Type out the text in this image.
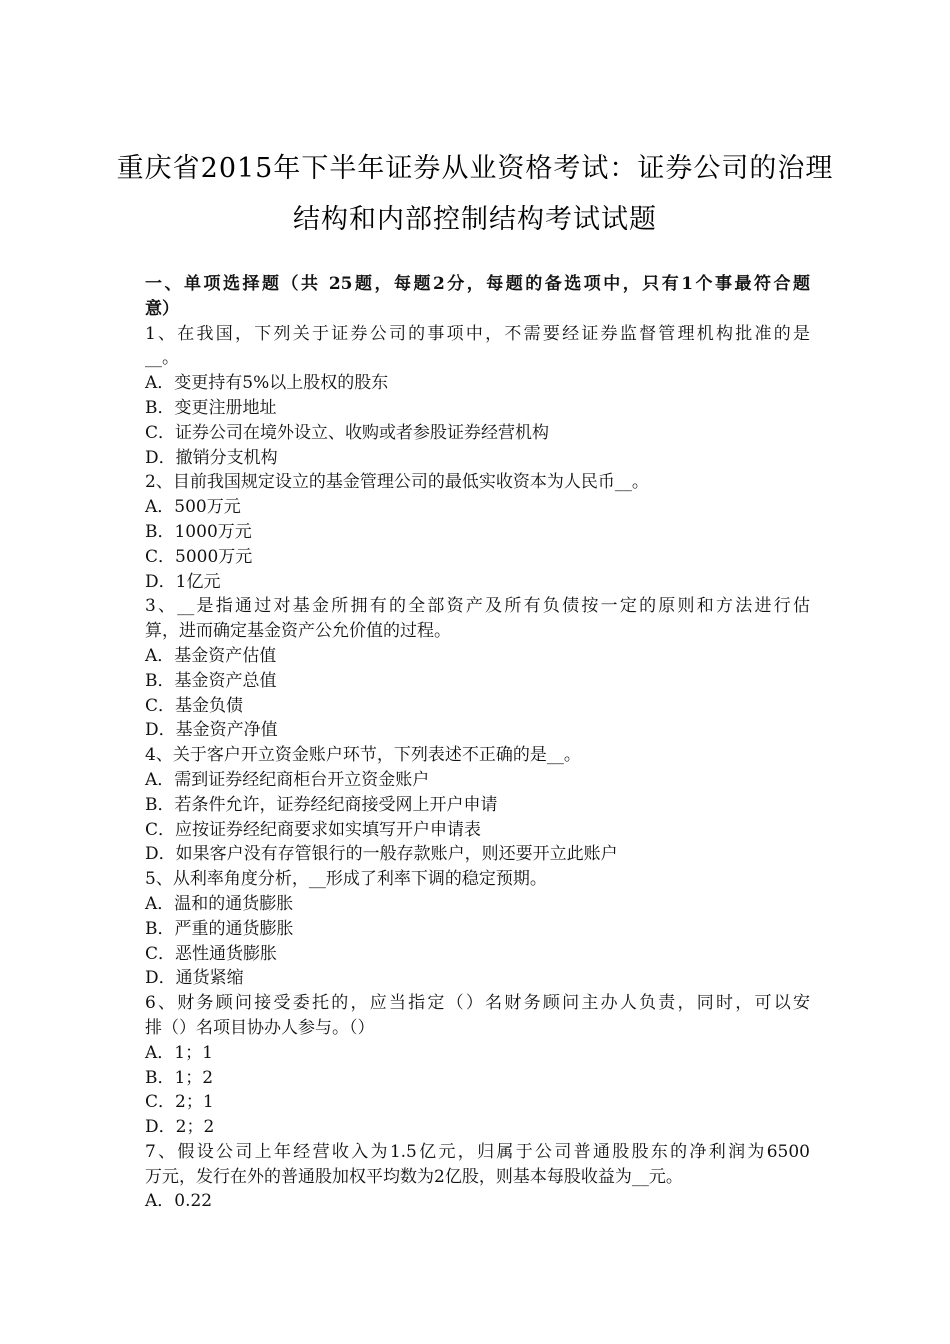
重庆省2015年下半年证券从业资格考试：证券公司的治理
结构和内部控制结构考试试题
一、单项选择题（共 25题，每题2分，每题的备选项中，只有1个事最符合题
意）
1、在我国，下列关于证券公司的事项中，不需要经证券监督管理机构批准的是
__。
A．变更持有5%以上股权的股东
B．变更注册地址
C．证券公司在境外设立、收购或者参股证券经营机构
D．撤销分支机构
2、目前我国规定设立的基金管理公司的最低实收资本为人民币__。
A．500万元
B．1000万元
C．5000万元
D．1亿元
3、__是指通过对基金所拥有的全部资产及所有负债按一定的原则和方法进行估
算，进而确定基金资产公允价值的过程。
A．基金资产估值
B．基金资产总值
C．基金负债
D．基金资产净值
4、关于客户开立资金账户环节，下列表述不正确的是__。
A．需到证券经纪商柜台开立资金账户
B．若条件允许，证券经纪商接受网上开户申请
C．应按证券经纪商要求如实填写开户申请表
D．如果客户没有存管银行的一般存款账户，则还要开立此账户
5、从利率角度分析，__形成了利率下调的稳定预期。
A．温和的通货膨胀
B．严重的通货膨胀
C．恶性通货膨胀
D．通货紧缩
6、财务顾问接受委托的，应当指定（）名财务顾问主办人负责，同时，可以安
排（）名项目协办人参与。（）
A．1；1
B．1；2
C．2；1
D．2；2
7、假设公司上年经营收入为1.5亿元，归属于公司普通股股东的净利润为6500
万元，发行在外的普通股加权平均数为2亿股，则基本每股收益为__元。
A．0.22
